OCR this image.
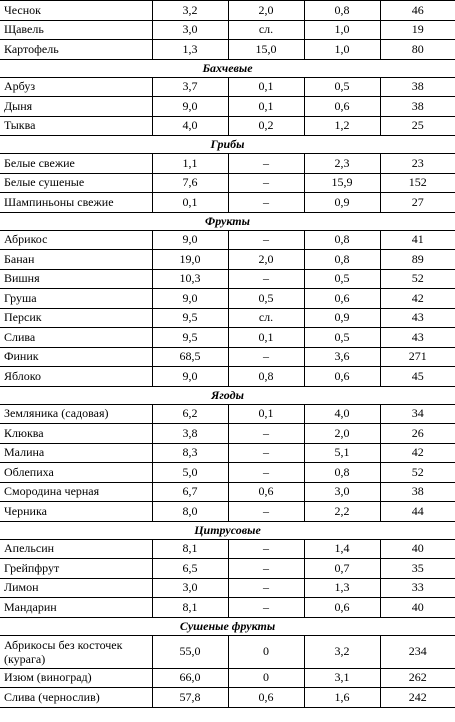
Чеснок	3,2	2,0	0,8	46
Щавель	3,0	сл.	1,0	19
Картофель	1,3	15,0	1,0	80
Бахчевые				
Арбуз	3,7	0,1	0,5	38
Дыня	9,0	0,1	0,6	38
Тыква	4,0	0,2	1,2	25
Грибы				
Белые свежие	1,1	–	2,3	23
Белые сушеные	7,6	–	15,9	152
Шампиньоны свежие	0,1	–	0,9	27
Фрукты				
Абрикос	9,0	–	0,8	41
Банан	19,0	2,0	0,8	89
Вишня	10,3	–	0,5	52
Груша	9,0	0,5	0,6	42
Персик	9,5	сл.	0,9	43
Слива	9,5	0,1	0,5	43
Финик	68,5	–	3,6	271
Яблоко	9,0	0,8	0,6	45
Ягоды				
Земляника (садовая)	6,2	0,1	4,0	34
Клюква	3,8	–	2,0	26
Малина	8,3	–	5,1	42
Облепиха	5,0	–	0,8	52
Смородина черная	6,7	0,6	3,0	38
Черника	8,0	–	2,2	44
Цитрусовые				
Апельсин	8,1	–	1,4	40
Грейпфрут	6,5	–	0,7	35
Лимон	3,0	–	1,3	33
Мандарин	8,1	–	0,6	40
Сушеные фрукты				
Абрикосы без косточек (курага)	55,0	0	3,2	234
Изюм (виноград)	66,0	0	3,1	262
Слива (чернослив)	57,8	0,6	1,6	242
